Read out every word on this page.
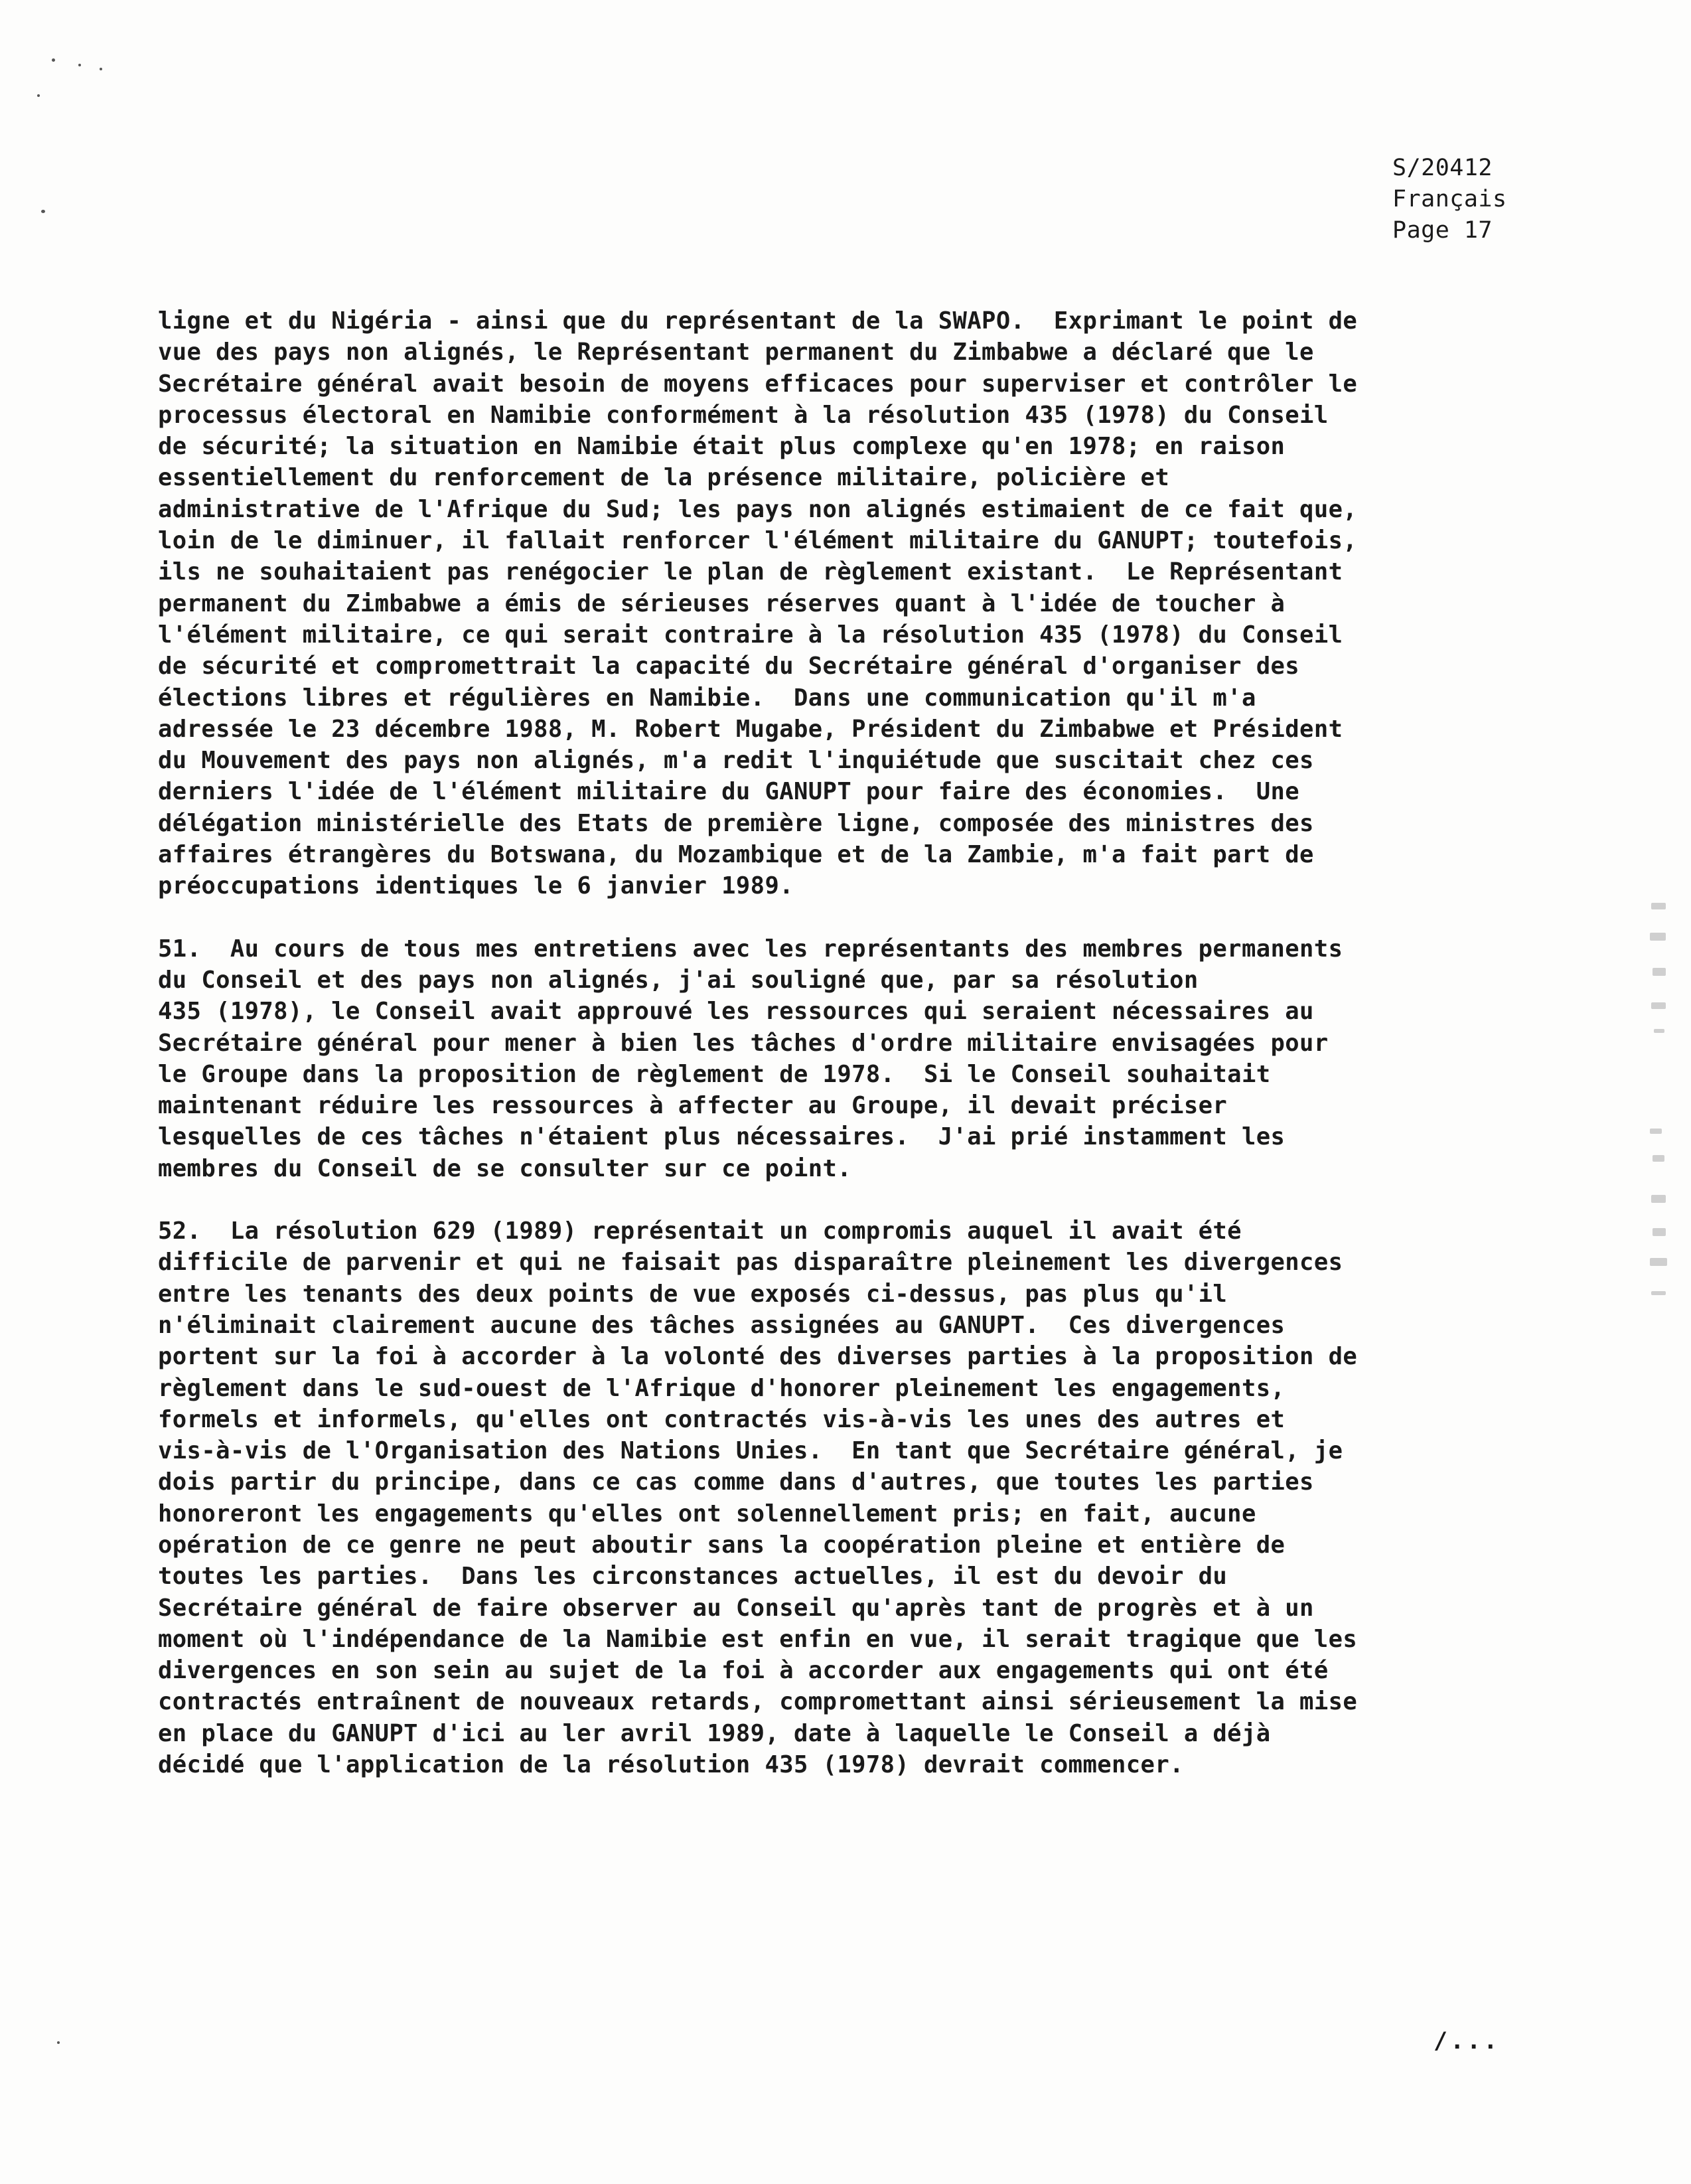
S/20412
Français
Page 17
ligne et du Nigéria - ainsi que du représentant de la SWAPO.  Exprimant le point de
vue des pays non alignés, le Représentant permanent du Zimbabwe a déclaré que le
Secrétaire général avait besoin de moyens efficaces pour superviser et contrôler le
processus électoral en Namibie conformément à la résolution 435 (1978) du Conseil
de sécurité; la situation en Namibie était plus complexe qu'en 1978; en raison
essentiellement du renforcement de la présence militaire, policière et
administrative de l'Afrique du Sud; les pays non alignés estimaient de ce fait que,
loin de le diminuer, il fallait renforcer l'élément militaire du GANUPT; toutefois,
ils ne souhaitaient pas renégocier le plan de règlement existant.  Le Représentant
permanent du Zimbabwe a émis de sérieuses réserves quant à l'idée de toucher à
l'élément militaire, ce qui serait contraire à la résolution 435 (1978) du Conseil
de sécurité et compromettrait la capacité du Secrétaire général d'organiser des
élections libres et régulières en Namibie.  Dans une communication qu'il m'a
adressée le 23 décembre 1988, M. Robert Mugabe, Président du Zimbabwe et Président
du Mouvement des pays non alignés, m'a redit l'inquiétude que suscitait chez ces
derniers l'idée de l'élément militaire du GANUPT pour faire des économies.  Une
délégation ministérielle des Etats de première ligne, composée des ministres des
affaires étrangères du Botswana, du Mozambique et de la Zambie, m'a fait part de
préoccupations identiques le 6 janvier 1989.
51.  Au cours de tous mes entretiens avec les représentants des membres permanents
du Conseil et des pays non alignés, j'ai souligné que, par sa résolution
435 (1978), le Conseil avait approuvé les ressources qui seraient nécessaires au
Secrétaire général pour mener à bien les tâches d'ordre militaire envisagées pour
le Groupe dans la proposition de règlement de 1978.  Si le Conseil souhaitait
maintenant réduire les ressources à affecter au Groupe, il devait préciser
lesquelles de ces tâches n'étaient plus nécessaires.  J'ai prié instamment les
membres du Conseil de se consulter sur ce point.
52.  La résolution 629 (1989) représentait un compromis auquel il avait été
difficile de parvenir et qui ne faisait pas disparaître pleinement les divergences
entre les tenants des deux points de vue exposés ci-dessus, pas plus qu'il
n'éliminait clairement aucune des tâches assignées au GANUPT.  Ces divergences
portent sur la foi à accorder à la volonté des diverses parties à la proposition de
règlement dans le sud-ouest de l'Afrique d'honorer pleinement les engagements,
formels et informels, qu'elles ont contractés vis-à-vis les unes des autres et
vis-à-vis de l'Organisation des Nations Unies.  En tant que Secrétaire général, je
dois partir du principe, dans ce cas comme dans d'autres, que toutes les parties
honoreront les engagements qu'elles ont solennellement pris; en fait, aucune
opération de ce genre ne peut aboutir sans la coopération pleine et entière de
toutes les parties.  Dans les circonstances actuelles, il est du devoir du
Secrétaire général de faire observer au Conseil qu'après tant de progrès et à un
moment où l'indépendance de la Namibie est enfin en vue, il serait tragique que les
divergences en son sein au sujet de la foi à accorder aux engagements qui ont été
contractés entraînent de nouveaux retards, compromettant ainsi sérieusement la mise
en place du GANUPT d'ici au ler avril 1989, date à laquelle le Conseil a déjà
décidé que l'application de la résolution 435 (1978) devrait commencer.
/...
